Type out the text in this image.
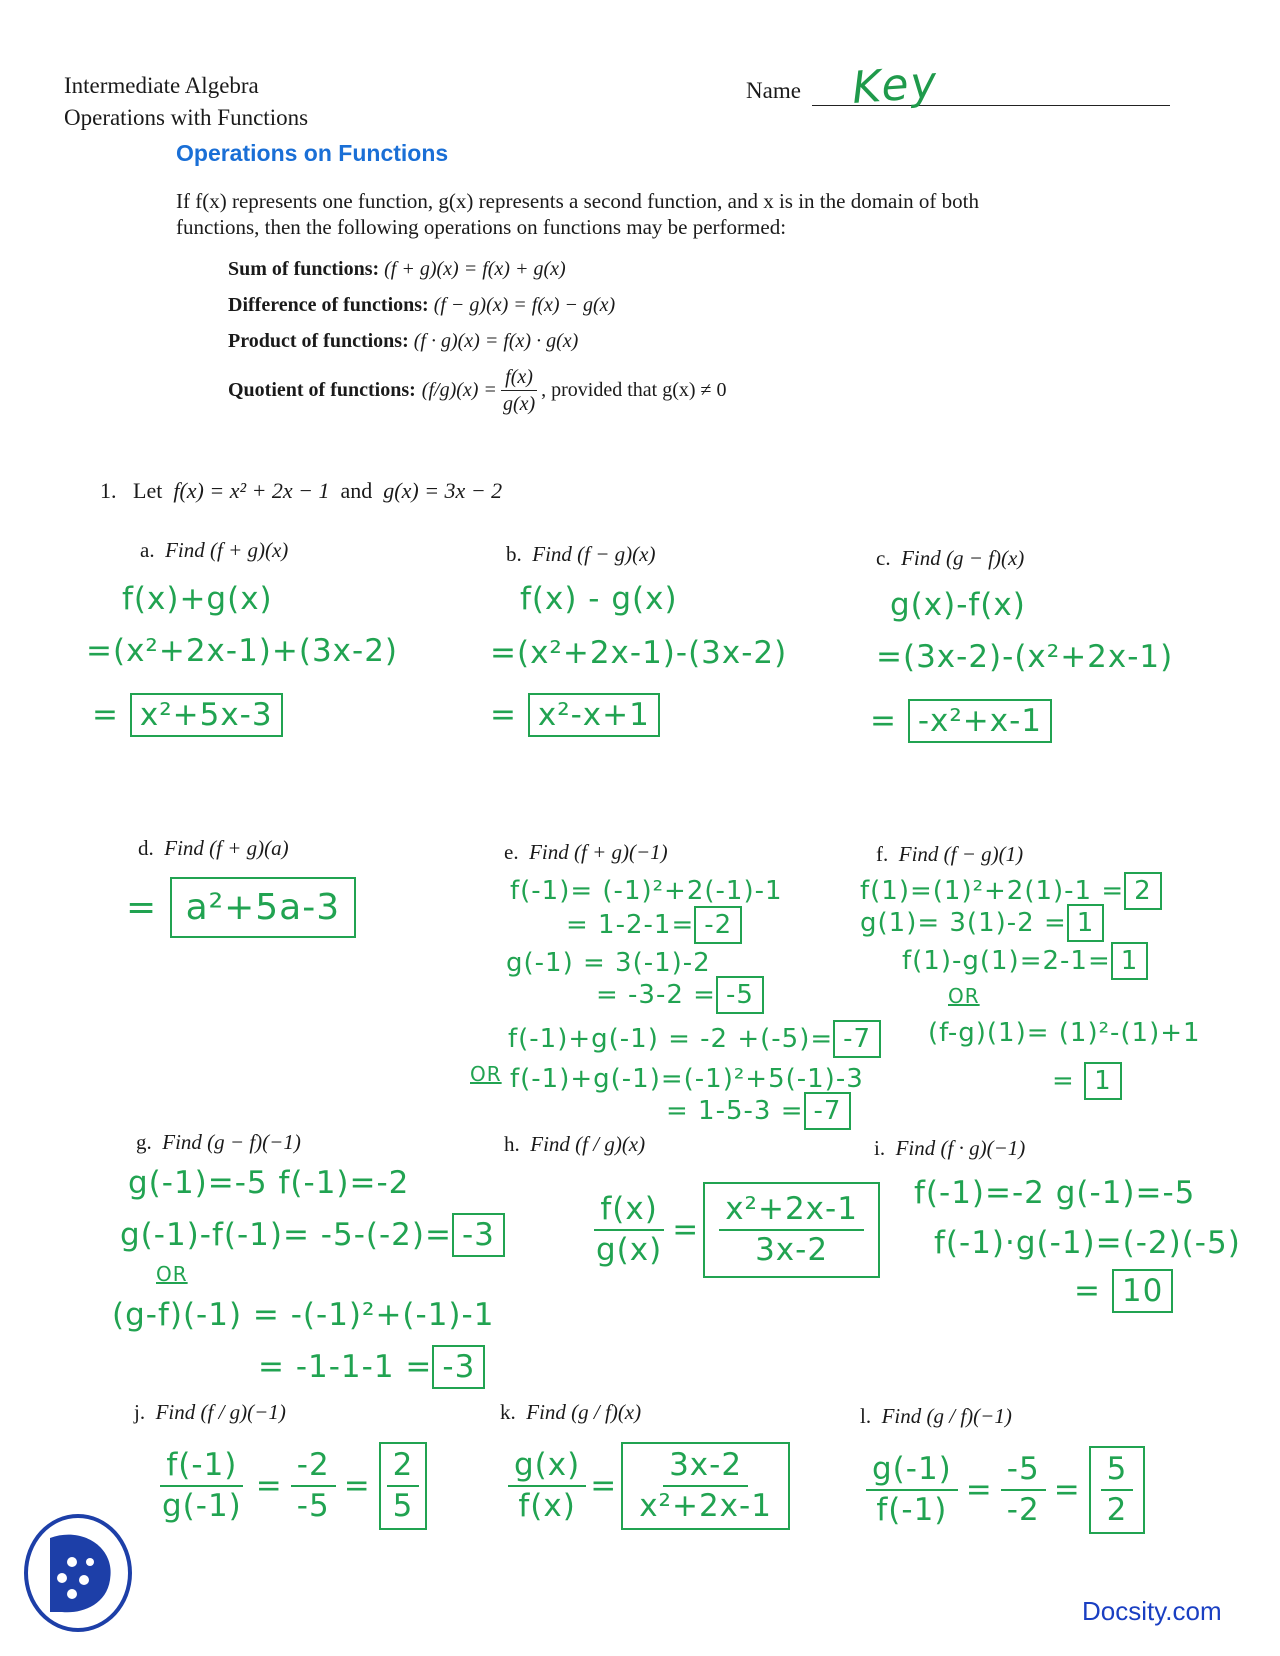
Intermediate Algebra
Operations with Functions
Name Key
Operations on Functions
If f(x) represents one function, g(x) represents a second function, and x is in the domain of both functions, then the following operations on functions may be performed:
Sum of functions: (f + g)(x) = f(x) + g(x)
Difference of functions: (f − g)(x) = f(x) − g(x)
Product of functions: (f · g)(x) = f(x) · g(x)
Quotient of functions: $(f/g)(x) = \frac{f(x)}{g(x)}$ , provided that g(x) ≠ 0
1. Let f(x) = x² + 2x − 1 and g(x) = 3x − 2
a. Find (f + g)(x)
f(x)+g(x)
=(x²+2x-1)+(3x-2)
= x²+5x-3
b. Find (f − g)(x)
f(x) - g(x)
=(x²+2x-1)-(3x-2)
= x²-x+1
c. Find (g − f)(x)
g(x)-f(x)
=(3x-2)-(x²+2x-1)
= -x²+x-1
d. Find (f + g)(a)
= a²+5a-3
e. Find (f + g)(−1)
f(-1)= (-1)²+2(-1)-1
= 1-2-1= -2
g(-1) = 3(-1)-2
= -3-2 = -5
f(-1)+g(-1) = -2 +(-5)= -7
OR f(-1)+g(-1)=(-1)²+5(-1)-3
= 1-5-3 = -7
f. Find (f − g)(1)
f(1)=(1)²+2(1)-1 = 2
g(1)= 3(1)-2 = 1
f(1)-g(1)=2-1= 1
OR
(f-g)(1)= (1)²-(1)+1
= 1
g. Find (g − f)(−1)
g(-1)=-5 f(-1)=-2
g(-1)-f(-1)= -5-(-2)= -3
OR
(g-f)(-1) = -(-1)²+(-1)-1
= -1-1-1 = -3
h. Find (f / g)(x)
$\frac{f(x)}{g(x)} = \frac{\text{x²+2x-1}}{3x-2}$
i. Find (f · g)(−1)
f(-1)=-2 g(-1)=-5
f(-1)·g(-1)=(-2)(-5)
= 10
j. Find (f / g)(−1)
$\frac{f(-1)}{g(-1)} = \frac{-2}{-5} = \frac{2}{5}$
k. Find (g / f)(x)
$\frac{g(x)}{f(x)} = \frac{3x-2}{\text{x²+2x-1}}$
l. Find (g / f)(−1)
$\frac{g(-1)}{f(-1)} = \frac{-5}{-2} = \frac{5}{2}$
Docsity.com
